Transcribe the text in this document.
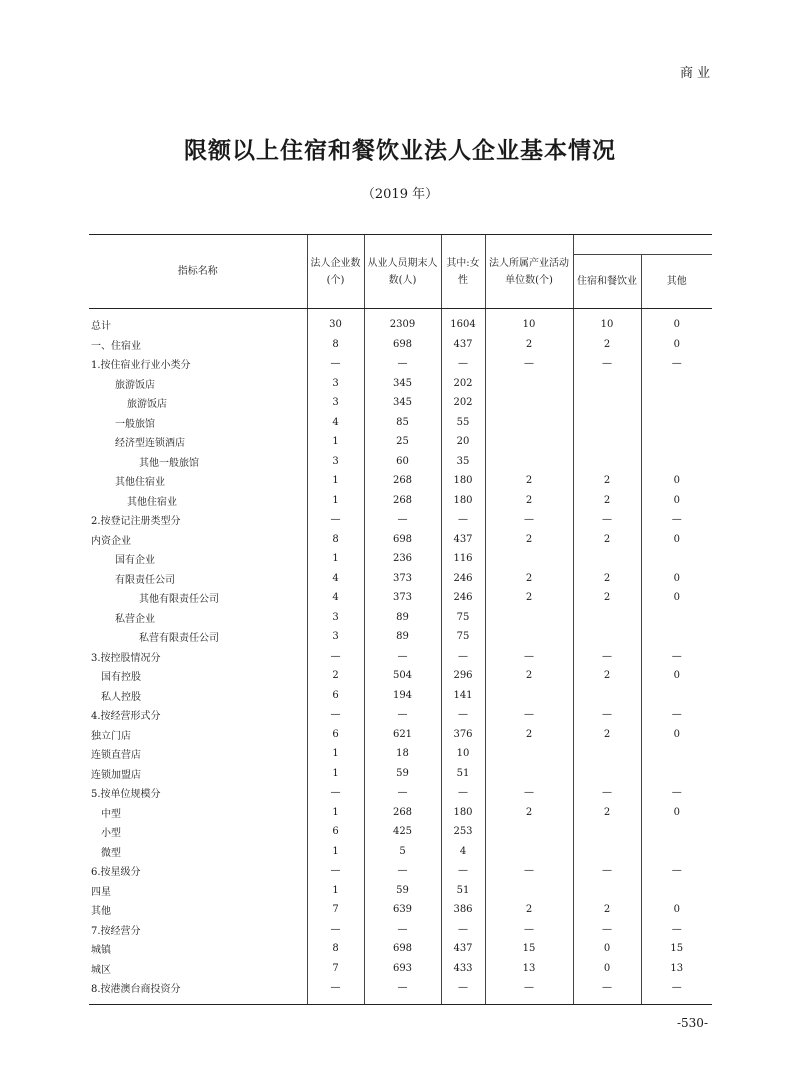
商业
限额以上住宿和餐饮业法人企业基本情况
（2019 年）
指标名称	法人企业数(个)	从业人员期末人数(人)	其中:女性	法人所属产业活动单位数(个)		
					住宿和餐饮业	其他
总计	30	2309	1604	10	10	0
一、住宿业	8	698	437	2	2	0
1.按住宿业行业小类分	—	—	—	—	—	—
旅游饭店	3	345	202			
旅游饭店	3	345	202			
一般旅馆	4	85	55			
经济型连锁酒店	1	25	20			
其他一般旅馆	3	60	35			
其他住宿业	1	268	180	2	2	0
其他住宿业	1	268	180	2	2	0
2.按登记注册类型分	—	—	—	—	—	—
内资企业	8	698	437	2	2	0
国有企业	1	236	116			
有限责任公司	4	373	246	2	2	0
其他有限责任公司	4	373	246	2	2	0
私营企业	3	89	75			
私营有限责任公司	3	89	75			
3.按控股情况分	—	—	—	—	—	—
国有控股	2	504	296	2	2	0
私人控股	6	194	141			
4.按经营形式分	—	—	—	—	—	—
独立门店	6	621	376	2	2	0
连锁直营店	1	18	10			
连锁加盟店	1	59	51			
5.按单位规模分	—	—	—	—	—	—
中型	1	268	180	2	2	0
小型	6	425	253			
微型	1	5	4			
6.按星级分	—	—	—	—	—	—
四星	1	59	51			
其他	7	639	386	2	2	0
7.按经营分	—	—	—	—	—	—
城镇	8	698	437	15	0	15
城区	7	693	433	13	0	13
8.按港澳台商投资分	—	—	—	—	—	—
-530-
